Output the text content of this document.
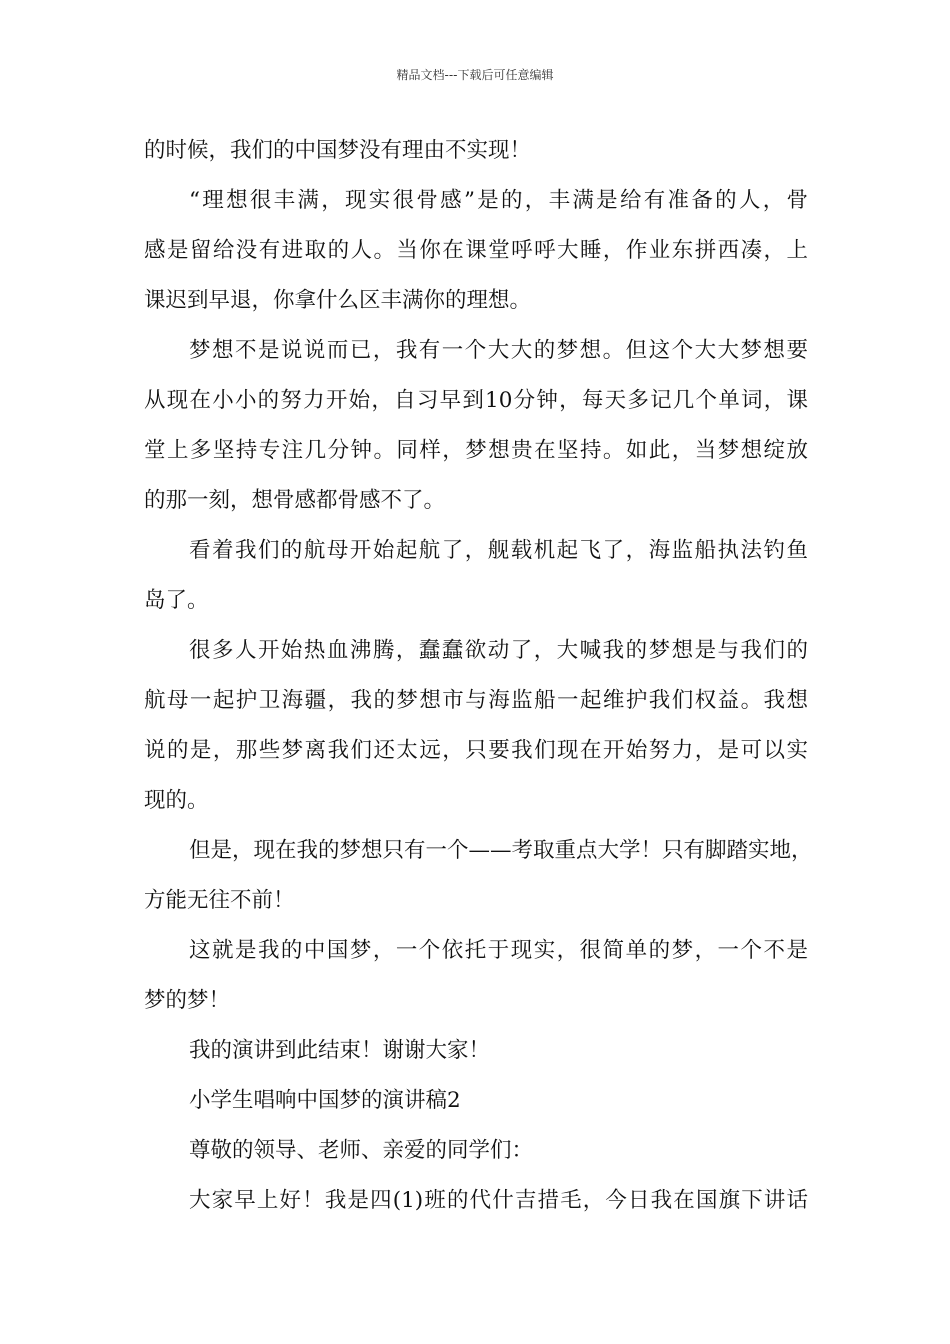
精品文档---下载后可任意编辑
的时候，我们的中国梦没有理由不实现！
“理想很丰满，现实很骨感”是的，丰满是给有准备的人，骨
感是留给没有进取的人。当你在课堂呼呼大睡，作业东拼西凑，上
课迟到早退，你拿什么区丰满你的理想。
梦想不是说说而已，我有一个大大的梦想。但这个大大梦想要
从现在小小的努力开始，自习早到10分钟，每天多记几个单词，课
堂上多坚持专注几分钟。同样，梦想贵在坚持。如此，当梦想绽放
的那一刻，想骨感都骨感不了。
看着我们的航母开始起航了，舰载机起飞了，海监船执法钓鱼
岛了。
很多人开始热血沸腾，蠢蠢欲动了，大喊我的梦想是与我们的
航母一起护卫海疆，我的梦想市与海监船一起维护我们权益。我想
说的是，那些梦离我们还太远，只要我们现在开始努力，是可以实
现的。
但是，现在我的梦想只有一个——考取重点大学！只有脚踏实地，
方能无往不前！
这就是我的中国梦，一个依托于现实，很简单的梦，一个不是
梦的梦！
我的演讲到此结束！谢谢大家！
小学生唱响中国梦的演讲稿2
尊敬的领导、老师、亲爱的同学们：
大家早上好！我是四(1)班的代什吉措毛，今日我在国旗下讲话
